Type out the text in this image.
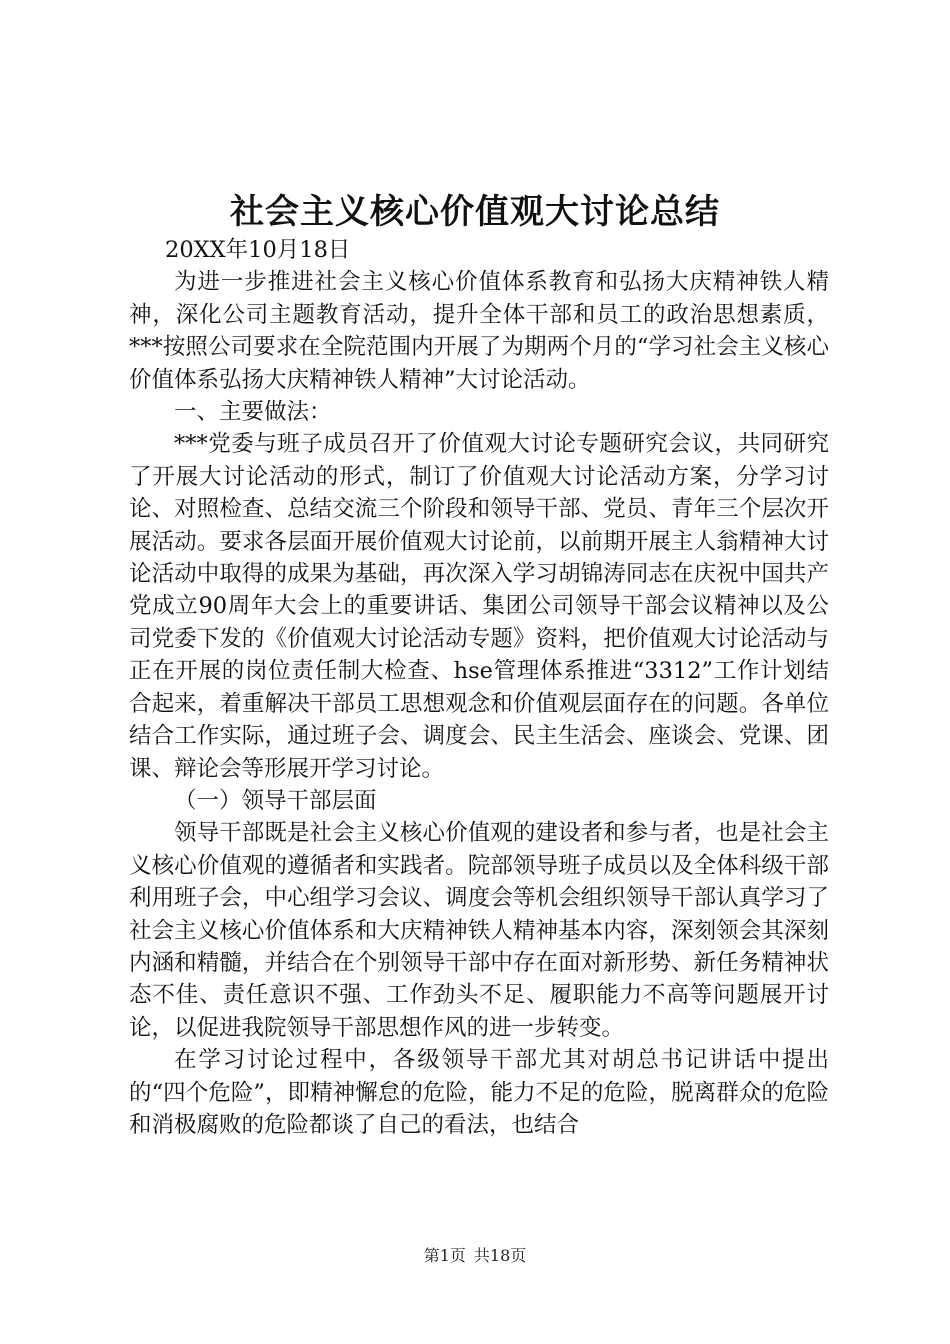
社会主义核心价值观大讨论总结

20XX年10月18日

为进一步推进社会主义核心价值体系教育和弘扬大庆精神铁人精神，深化公司主题教育活动，提升全体干部和员工的政治思想素质，***按照公司要求在全院范围内开展了为期两个月的“学习社会主义核心价值体系弘扬大庆精神铁人精神”大讨论活动。

一、主要做法：

***党委与班子成员召开了价值观大讨论专题研究会议，共同研究了开展大讨论活动的形式，制订了价值观大讨论活动方案，分学习讨论、对照检查、总结交流三个阶段和领导干部、党员、青年三个层次开展活动。要求各层面开展价值观大讨论前，以前期开展主人翁精神大讨论活动中取得的成果为基础，再次深入学习胡锦涛同志在庆祝中国共产党成立90周年大会上的重要讲话、集团公司领导干部会议精神以及公司党委下发的《价值观大讨论活动专题》资料，把价值观大讨论活动与正在开展的岗位责任制大检查、hse管理体系推进“3312”工作计划结合起来，着重解决干部员工思想观念和价值观层面存在的问题。各单位结合工作实际，通过班子会、调度会、民主生活会、座谈会、党课、团课、辩论会等形展开学习讨论。

（一）领导干部层面

领导干部既是社会主义核心价值观的建设者和参与者，也是社会主义核心价值观的遵循者和实践者。院部领导班子成员以及全体科级干部利用班子会，中心组学习会议、调度会等机会组织领导干部认真学习了社会主义核心价值体系和大庆精神铁人精神基本内容，深刻领会其深刻内涵和精髓，并结合在个别领导干部中存在面对新形势、新任务精神状态不佳、责任意识不强、工作劲头不足、履职能力不高等问题展开讨论，以促进我院领导干部思想作风的进一步转变。

在学习讨论过程中，各级领导干部尤其对胡总书记讲话中提出的“四个危险”，即精神懈怠的危险，能力不足的危险，脱离群众的危险和消极腐败的危险都谈了自己的看法，也结合

第1页 共18页
